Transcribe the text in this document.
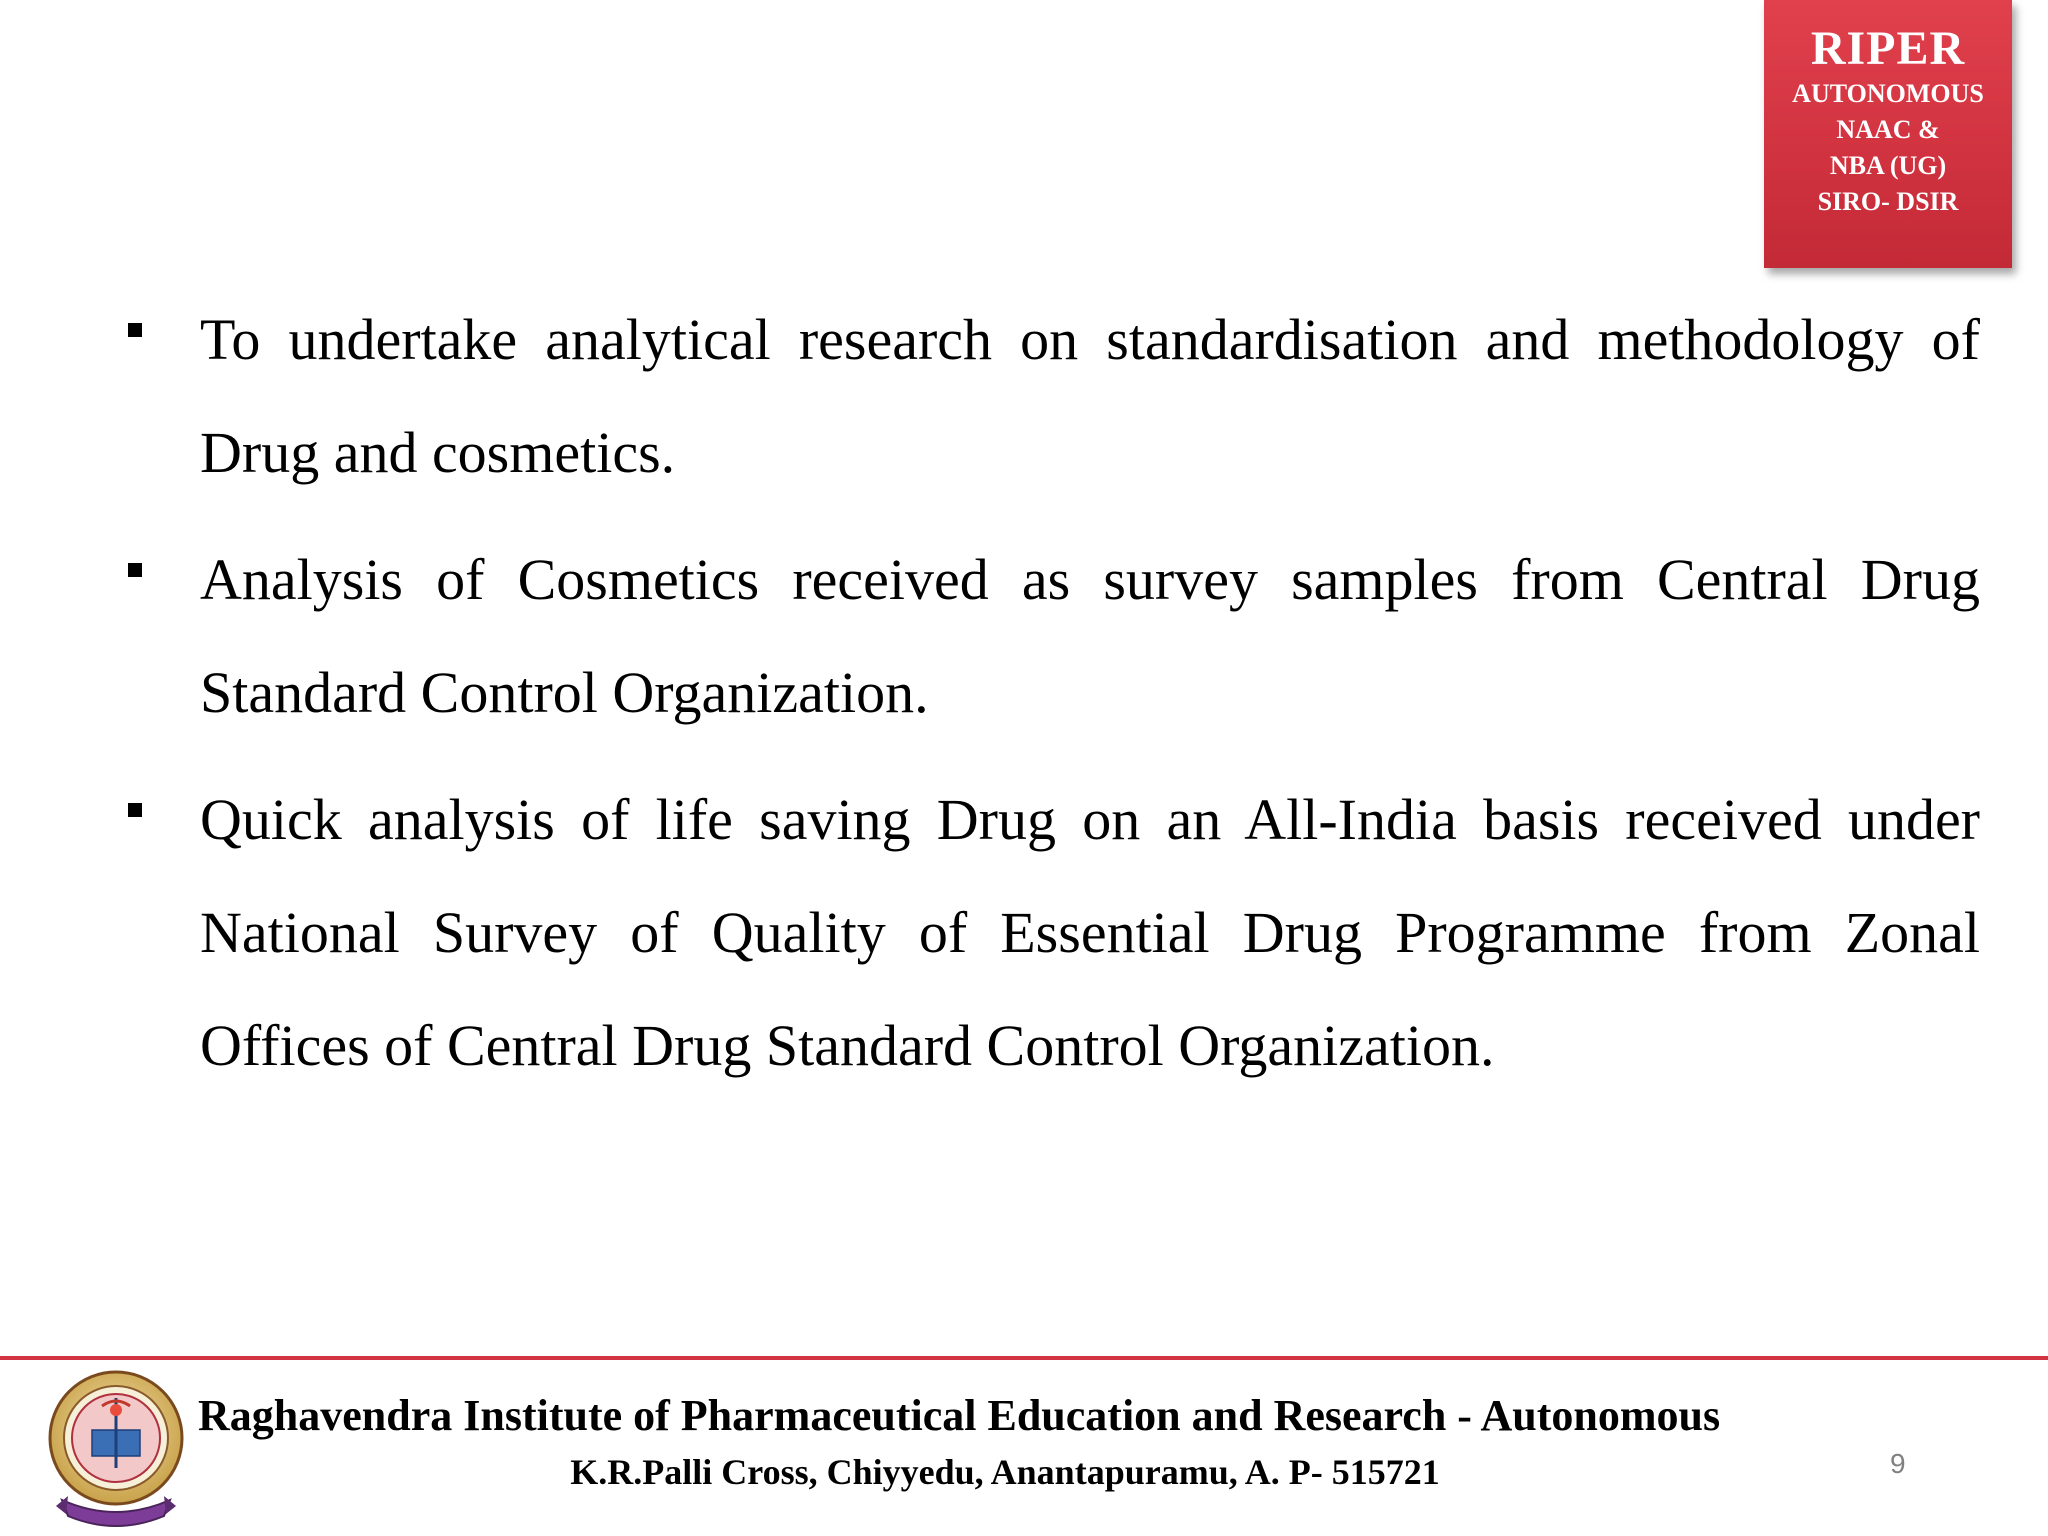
RIPER
AUTONOMOUS
NAAC &
NBA (UG)
SIRO- DSIR
To undertake analytical research on standardisation and methodology of Drug and cosmetics.
Analysis of Cosmetics received as survey samples from Central Drug Standard Control Organization.
Quick analysis of life saving Drug on an All-India basis received under National Survey of Quality of Essential Drug Programme from Zonal Offices of Central Drug Standard Control Organization.
Raghavendra Institute of Pharmaceutical Education and Research - Autonomous
K.R.Palli Cross, Chiyyedu, Anantapuramu, A. P- 515721	9
